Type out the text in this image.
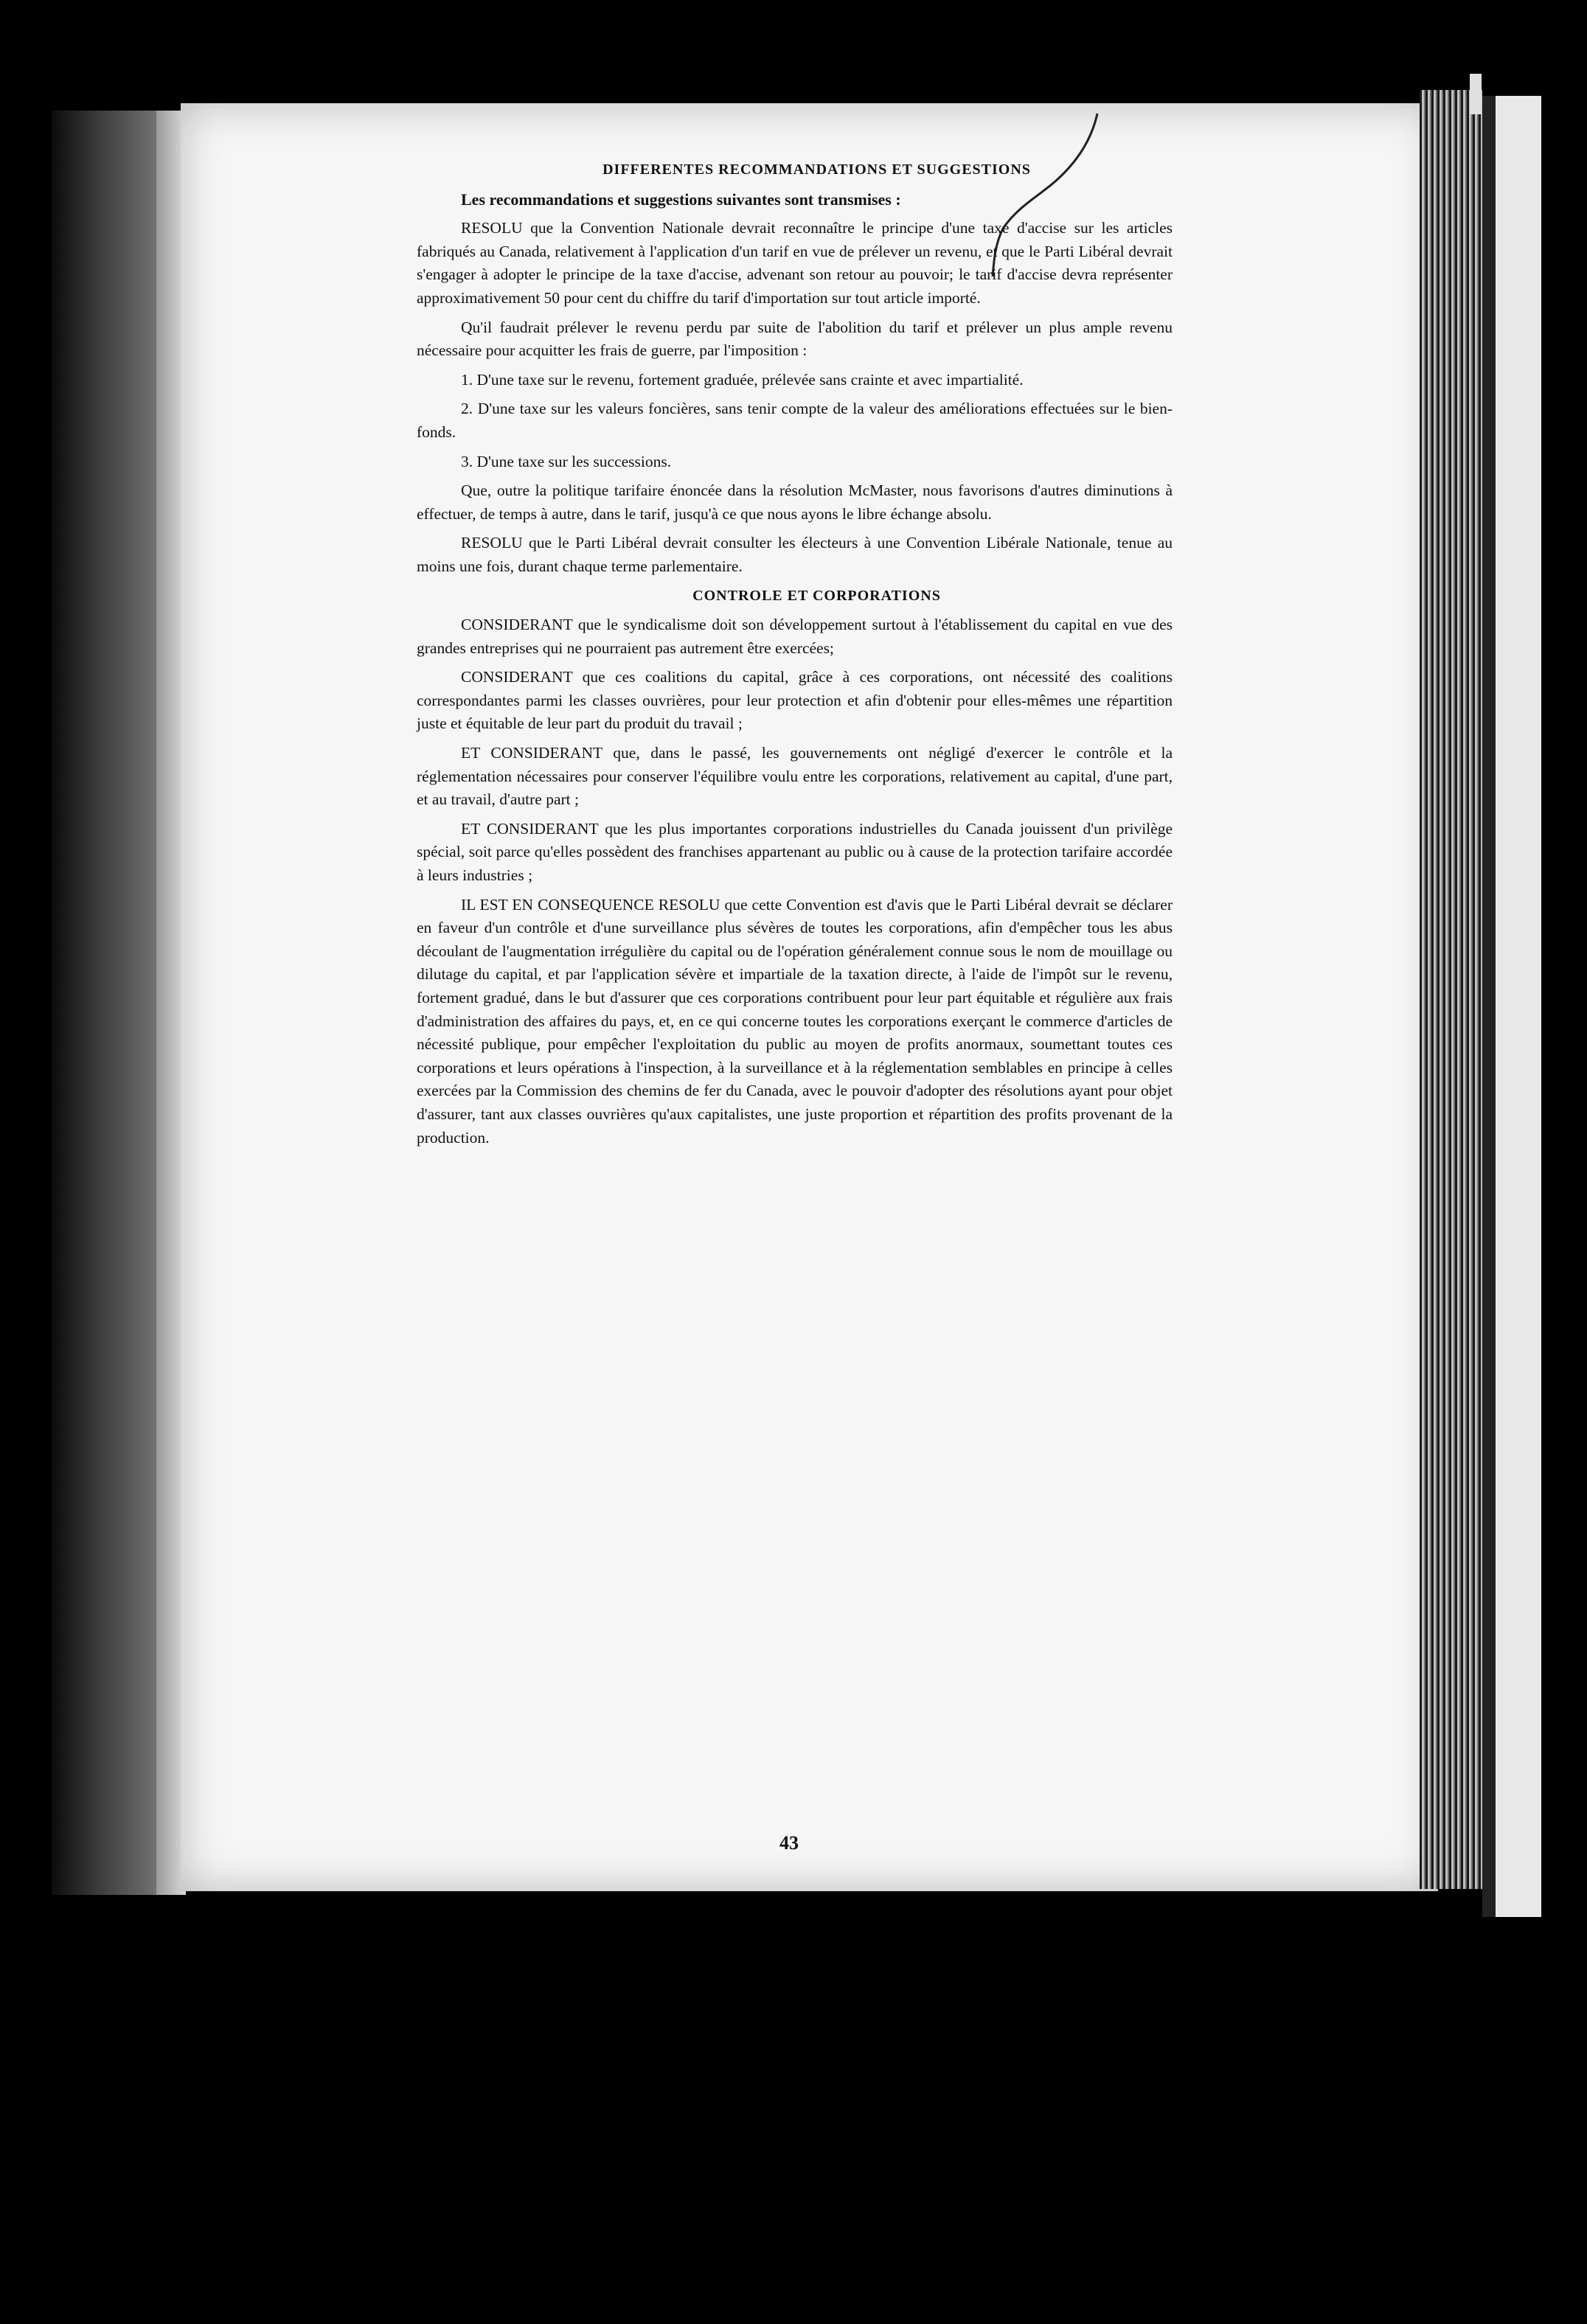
DIFFERENTES RECOMMANDATIONS ET SUGGESTIONS

Les recommandations et suggestions suivantes sont transmises :

RESOLU que la Convention Nationale devrait reconnaître le principe d'une taxe d'accise sur les articles fabriqués au Canada, relativement à l'application d'un tarif en vue de prélever un revenu, et que le Parti Libéral devrait s'engager à adopter le principe de la taxe d'accise, advenant son retour au pouvoir; le tarif d'accise devra représenter approximativement 50 pour cent du chiffre du tarif d'importation sur tout article importé.

Qu'il faudrait prélever le revenu perdu par suite de l'abolition du tarif et prélever un plus ample revenu nécessaire pour acquitter les frais de guerre, par l'imposition :

1. D'une taxe sur le revenu, fortement graduée, prélevée sans crainte et avec impartialité.

2. D'une taxe sur les valeurs foncières, sans tenir compte de la valeur des améliorations effectuées sur le bien-fonds.

3. D'une taxe sur les successions.

Que, outre la politique tarifaire énoncée dans la résolution McMaster, nous favorisons d'autres diminutions à effectuer, de temps à autre, dans le tarif, jusqu'à ce que nous ayons le libre échange absolu.

RESOLU que le Parti Libéral devrait consulter les électeurs à une Convention Libérale Nationale, tenue au moins une fois, durant chaque terme parlementaire.

CONTROLE ET CORPORATIONS

CONSIDERANT que le syndicalisme doit son développement surtout à l'établissement du capital en vue des grandes entreprises qui ne pourraient pas autrement être exercées;

CONSIDERANT que ces coalitions du capital, grâce à ces corporations, ont nécessité des coalitions correspondantes parmi les classes ouvrières, pour leur protection et afin d'obtenir pour elles-mêmes une répartition juste et équitable de leur part du produit du travail ;

ET CONSIDERANT que, dans le passé, les gouvernements ont négligé d'exercer le contrôle et la réglementation nécessaires pour conserver l'équilibre voulu entre les corporations, relativement au capital, d'une part, et au travail, d'autre part ;

ET CONSIDERANT que les plus importantes corporations industrielles du Canada jouissent d'un privilège spécial, soit parce qu'elles possèdent des franchises appartenant au public ou à cause de la protection tarifaire accordée à leurs industries ;

IL EST EN CONSEQUENCE RESOLU que cette Convention est d'avis que le Parti Libéral devrait se déclarer en faveur d'un contrôle et d'une surveillance plus sévères de toutes les corporations, afin d'empêcher tous les abus découlant de l'augmentation irrégulière du capital ou de l'opération généralement connue sous le nom de mouillage ou dilutage du capital, et par l'application sévère et impartiale de la taxation directe, à l'aide de l'impôt sur le revenu, fortement gradué, dans le but d'assurer que ces corporations contribuent pour leur part équitable et régulière aux frais d'administration des affaires du pays, et, en ce qui concerne toutes les corporations exerçant le commerce d'articles de nécessité publique, pour empêcher l'exploitation du public au moyen de profits anormaux, soumettant toutes ces corporations et leurs opérations à l'inspection, à la surveillance et à la réglementation semblables en principe à celles exercées par la Commission des chemins de fer du Canada, avec le pouvoir d'adopter des résolutions ayant pour objet d'assurer, tant aux classes ouvrières qu'aux capitalistes, une juste proportion et répartition des profits provenant de la production.

43
